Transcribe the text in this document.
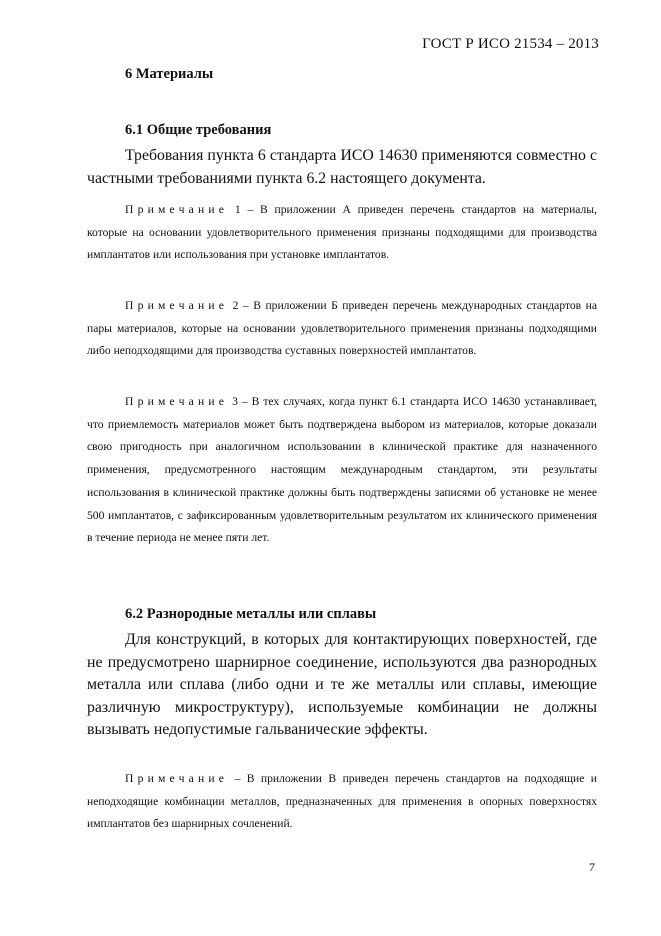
ГОСТ Р ИСО 21534 – 2013
6 Материалы
6.1 Общие требования
Требования пункта 6 стандарта ИСО 14630 применяются совместно с частными требованиями пункта 6.2 настоящего документа.
Примечание 1 – В приложении А приведен перечень стандартов на материалы, которые на основании удовлетворительного применения признаны подходящими для производства имплантатов или использования при установке имплантатов.
Примечание 2 – В приложении Б приведен перечень международных стандартов на пары материалов, которые на основании удовлетворительного применения признаны подходящими либо неподходящими для производства суставных поверхностей имплантатов.
Примечание 3 – В тех случаях, когда пункт 6.1 стандарта ИСО 14630 устанавливает, что приемлемость материалов может быть подтверждена выбором из материалов, которые доказали свою пригодность при аналогичном использовании в клинической практике для назначенного применения, предусмотренного настоящим международным стандартом, эти результаты использования в клинической практике должны быть подтверждены записями об установке не менее 500 имплантатов, с зафиксированным удовлетворительным результатом их клинического применения в течение периода не менее пяти лет.
6.2 Разнородные металлы или сплавы
Для конструкций, в которых для контактирующих поверхностей, где не предусмотрено шарнирное соединение, используются два разнородных металла или сплава (либо одни и те же металлы или сплавы, имеющие различную микроструктуру), используемые комбинации не должны вызывать недопустимые гальванические эффекты.
Примечание – В приложении В приведен перечень стандартов на подходящие и неподходящие комбинации металлов, предназначенных для применения в опорных поверхностях имплантатов без шарнирных сочленений.
7
